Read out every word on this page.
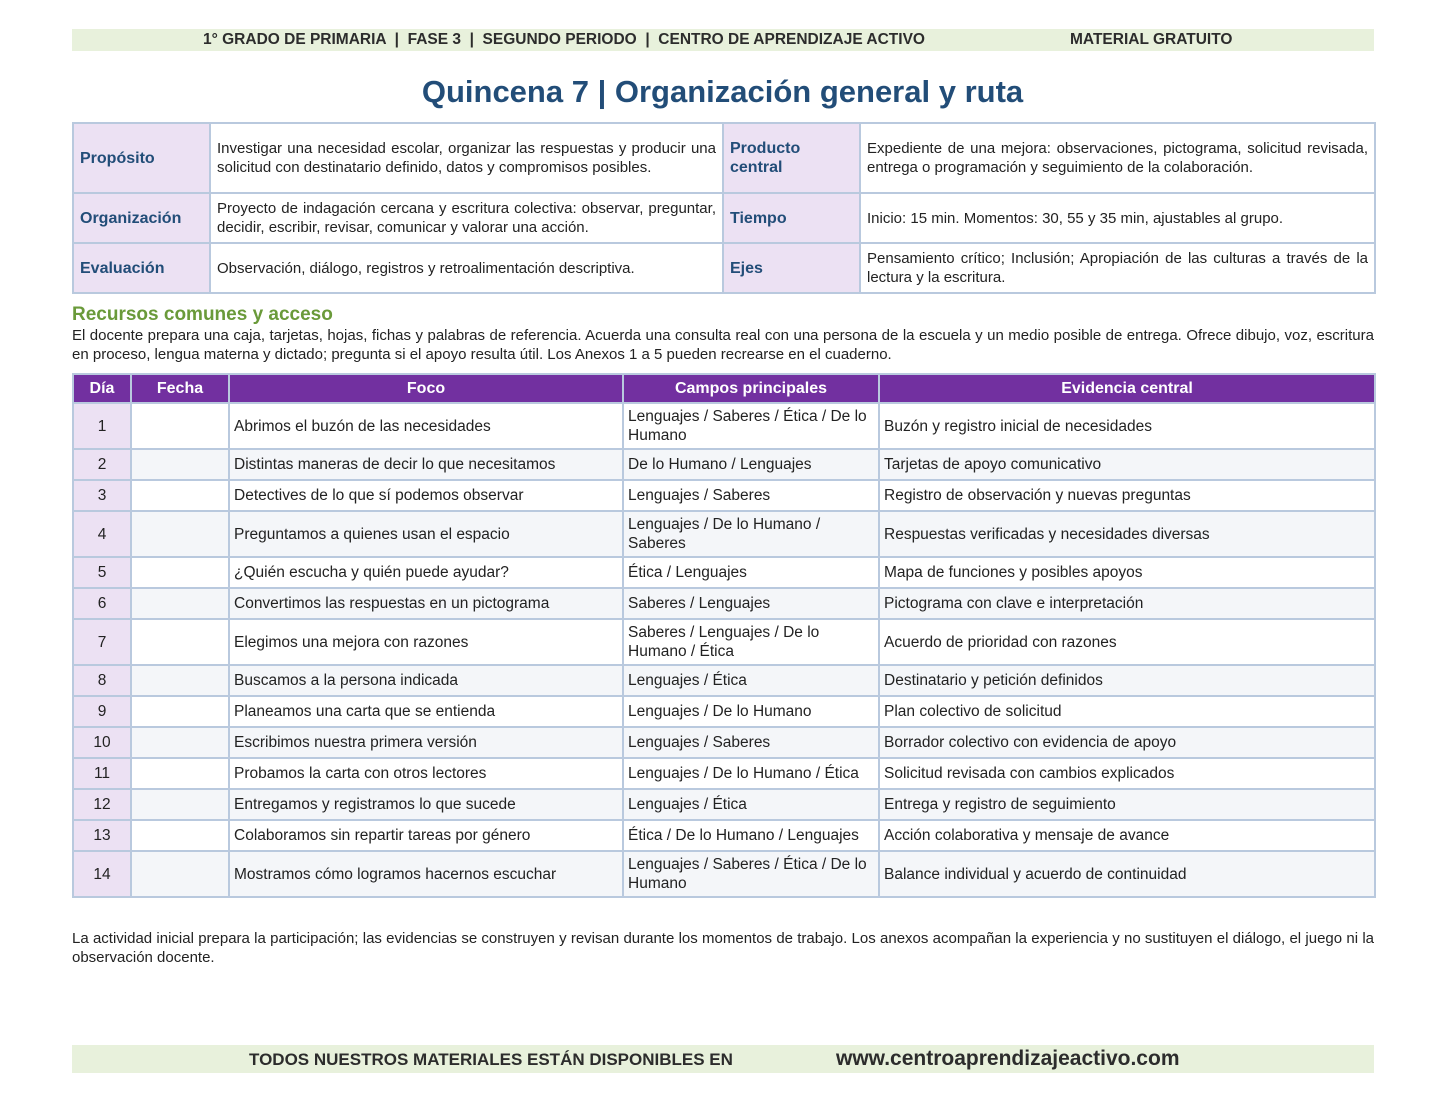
1° GRADO DE PRIMARIA  |  FASE 3  |  SEGUNDO PERIODO  |  CENTRO DE APRENDIZAJE ACTIVO	MATERIAL GRATUITO
Quincena 7 | Organización general y ruta
Propósito	Investigar una necesidad escolar, organizar las respuestas y producir una solicitud con destinatario definido, datos y compromisos posibles.	Producto central	Expediente de una mejora: observaciones, pictograma, solicitud revisada, entrega o programación y seguimiento de la colaboración.
Organización	Proyecto de indagación cercana y escritura colectiva: observar, preguntar, decidir, escribir, revisar, comunicar y valorar una acción.	Tiempo	Inicio: 15 min. Momentos: 30, 55 y 35 min, ajustables al grupo.
Evaluación	Observación, diálogo, registros y retroalimentación descriptiva.	Ejes	Pensamiento crítico; Inclusión; Apropiación de las culturas a través de la lectura y la escritura.
Recursos comunes y acceso
El docente prepara una caja, tarjetas, hojas, fichas y palabras de referencia. Acuerda una consulta real con una persona de la escuela y un medio posible de entrega. Ofrece dibujo, voz, escritura en proceso, lengua materna y dictado; pregunta si el apoyo resulta útil. Los Anexos 1 a 5 pueden recrearse en el cuaderno.
Día	Fecha	Foco	Campos principales	Evidencia central
1		Abrimos el buzón de las necesidades	Lenguajes / Saberes / Ética / De lo Humano	Buzón y registro inicial de necesidades
2		Distintas maneras de decir lo que necesitamos	De lo Humano / Lenguajes	Tarjetas de apoyo comunicativo
3		Detectives de lo que sí podemos observar	Lenguajes / Saberes	Registro de observación y nuevas preguntas
4		Preguntamos a quienes usan el espacio	Lenguajes / De lo Humano / Saberes	Respuestas verificadas y necesidades diversas
5		¿Quién escucha y quién puede ayudar?	Ética / Lenguajes	Mapa de funciones y posibles apoyos
6		Convertimos las respuestas en un pictograma	Saberes / Lenguajes	Pictograma con clave e interpretación
7		Elegimos una mejora con razones	Saberes / Lenguajes / De lo Humano / Ética	Acuerdo de prioridad con razones
8		Buscamos a la persona indicada	Lenguajes / Ética	Destinatario y petición definidos
9		Planeamos una carta que se entienda	Lenguajes / De lo Humano	Plan colectivo de solicitud
10		Escribimos nuestra primera versión	Lenguajes / Saberes	Borrador colectivo con evidencia de apoyo
11		Probamos la carta con otros lectores	Lenguajes / De lo Humano / Ética	Solicitud revisada con cambios explicados
12		Entregamos y registramos lo que sucede	Lenguajes / Ética	Entrega y registro de seguimiento
13		Colaboramos sin repartir tareas por género	Ética / De lo Humano / Lenguajes	Acción colaborativa y mensaje de avance
14		Mostramos cómo logramos hacernos escuchar	Lenguajes / Saberes / Ética / De lo Humano	Balance individual y acuerdo de continuidad
La actividad inicial prepara la participación; las evidencias se construyen y revisan durante los momentos de trabajo. Los anexos acompañan la experiencia y no sustituyen el diálogo, el juego ni la observación docente.
TODOS NUESTROS MATERIALES ESTÁN DISPONIBLES EN	www.centroaprendizajeactivo.com
